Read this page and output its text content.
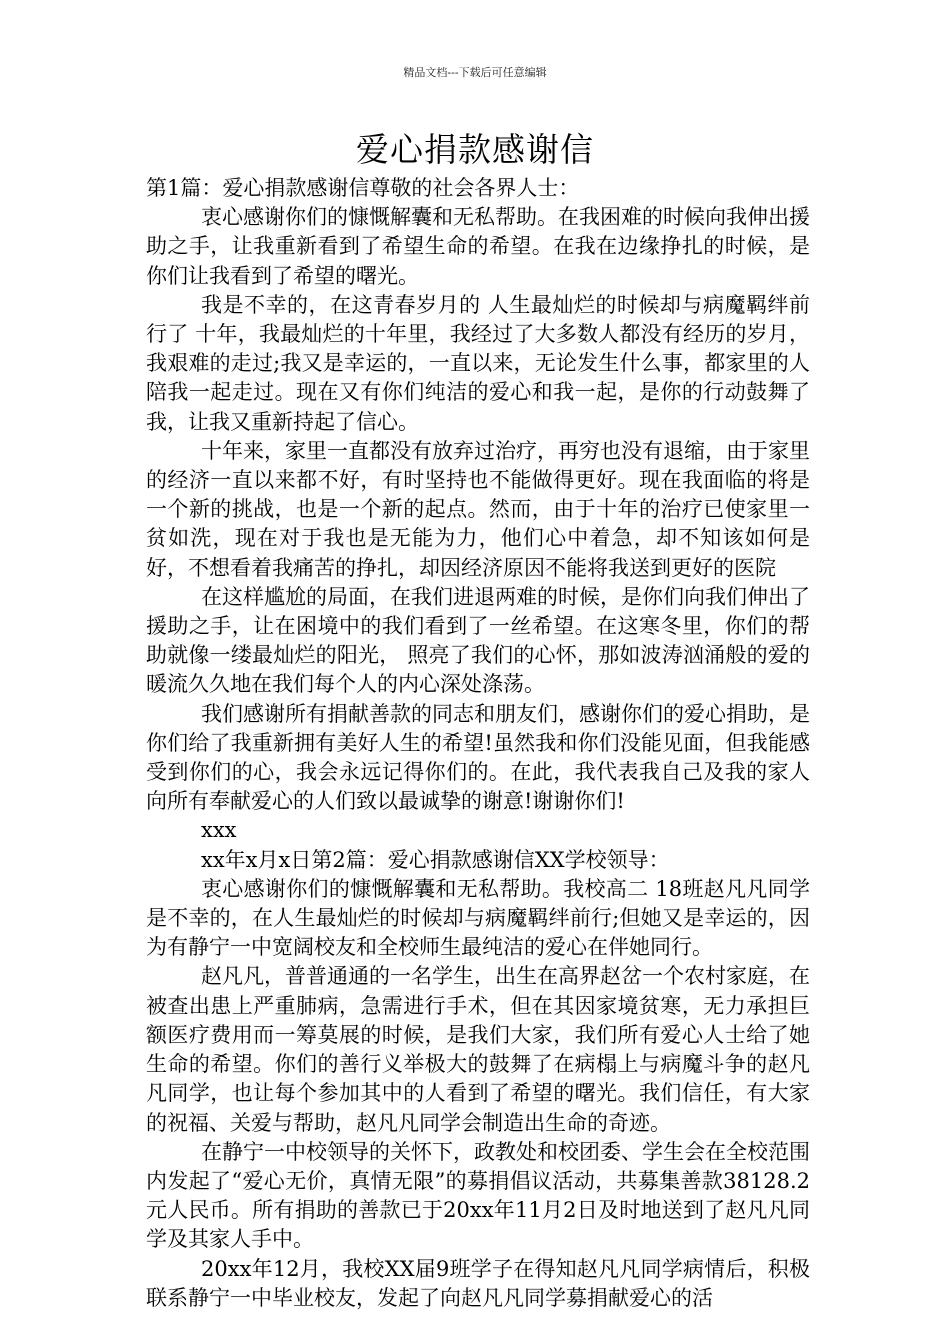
精品文档---下载后可任意编辑
爱心捐款感谢信

第1篇：爱心捐款感谢信尊敬的社会各界人士：

衷心感谢你们的慷慨解囊和无私帮助。在我困难的时候向我伸出援助之手，让我重新看到了希望生命的希望。在我在边缘挣扎的时候，是你们让我看到了希望的曙光。

我是不幸的，在这青春岁月的 人生最灿烂的时候却与病魔羁绊前行了 十年，我最灿烂的十年里，我经过了大多数人都没有经历的岁月，我艰难的走过;我又是幸运的，一直以来，无论发生什么事，都家里的人陪我一起走过。现在又有你们纯洁的爱心和我一起，是你的行动鼓舞了我，让我又重新持起了信心。

十年来，家里一直都没有放弃过治疗，再穷也没有退缩，由于家里的经济一直以来都不好，有时坚持也不能做得更好。现在我面临的将是一个新的挑战，也是一个新的起点。然而，由于十年的治疗已使家里一贫如洗，现在对于我也是无能为力，他们心中着急，却不知该如何是好，不想看着我痛苦的挣扎，却因经济原因不能将我送到更好的医院

在这样尴尬的局面，在我们进退两难的时候，是你们向我们伸出了援助之手，让在困境中的我们看到了一丝希望。在这寒冬里，你们的帮助就像一缕最灿烂的阳光， 照亮了我们的心怀，那如波涛汹涌般的爱的暖流久久地在我们每个人的内心深处涤荡。

我们感谢所有捐献善款的同志和朋友们，感谢你们的爱心捐助，是你们给了我重新拥有美好人生的希望!虽然我和你们没能见面，但我能感受到你们的心，我会永远记得你们的。在此，我代表我自己及我的家人向所有奉献爱心的人们致以最诚挚的谢意!谢谢你们!

xxx

xx年x月x日第2篇：爱心捐款感谢信XX学校领导：

衷心感谢你们的慷慨解囊和无私帮助。我校高二 18班赵凡凡同学是不幸的，在人生最灿烂的时候却与病魔羁绊前行;但她又是幸运的，因为有静宁一中宽阔校友和全校师生最纯洁的爱心在伴她同行。

赵凡凡，普普通通的一名学生，出生在高界赵岔一个农村家庭，在被查出患上严重肺病，急需进行手术，但在其因家境贫寒，无力承担巨额医疗费用而一筹莫展的时候，是我们大家，我们所有爱心人士给了她生命的希望。你们的善行义举极大的鼓舞了在病榻上与病魔斗争的赵凡凡同学，也让每个参加其中的人看到了希望的曙光。我们信任，有大家的祝福、关爱与帮助，赵凡凡同学会制造出生命的奇迹。

在静宁一中校领导的关怀下，政教处和校团委、学生会在全校范围内发起了“爱心无价，真情无限”的募捐倡议活动，共募集善款38128.2元人民币。所有捐助的善款已于20xx年11月2日及时地送到了赵凡凡同学及其家人手中。

20xx年12月，我校XX届9班学子在得知赵凡凡同学病情后，积极联系静宁一中毕业校友，发起了向赵凡凡同学募捐献爱心的活
